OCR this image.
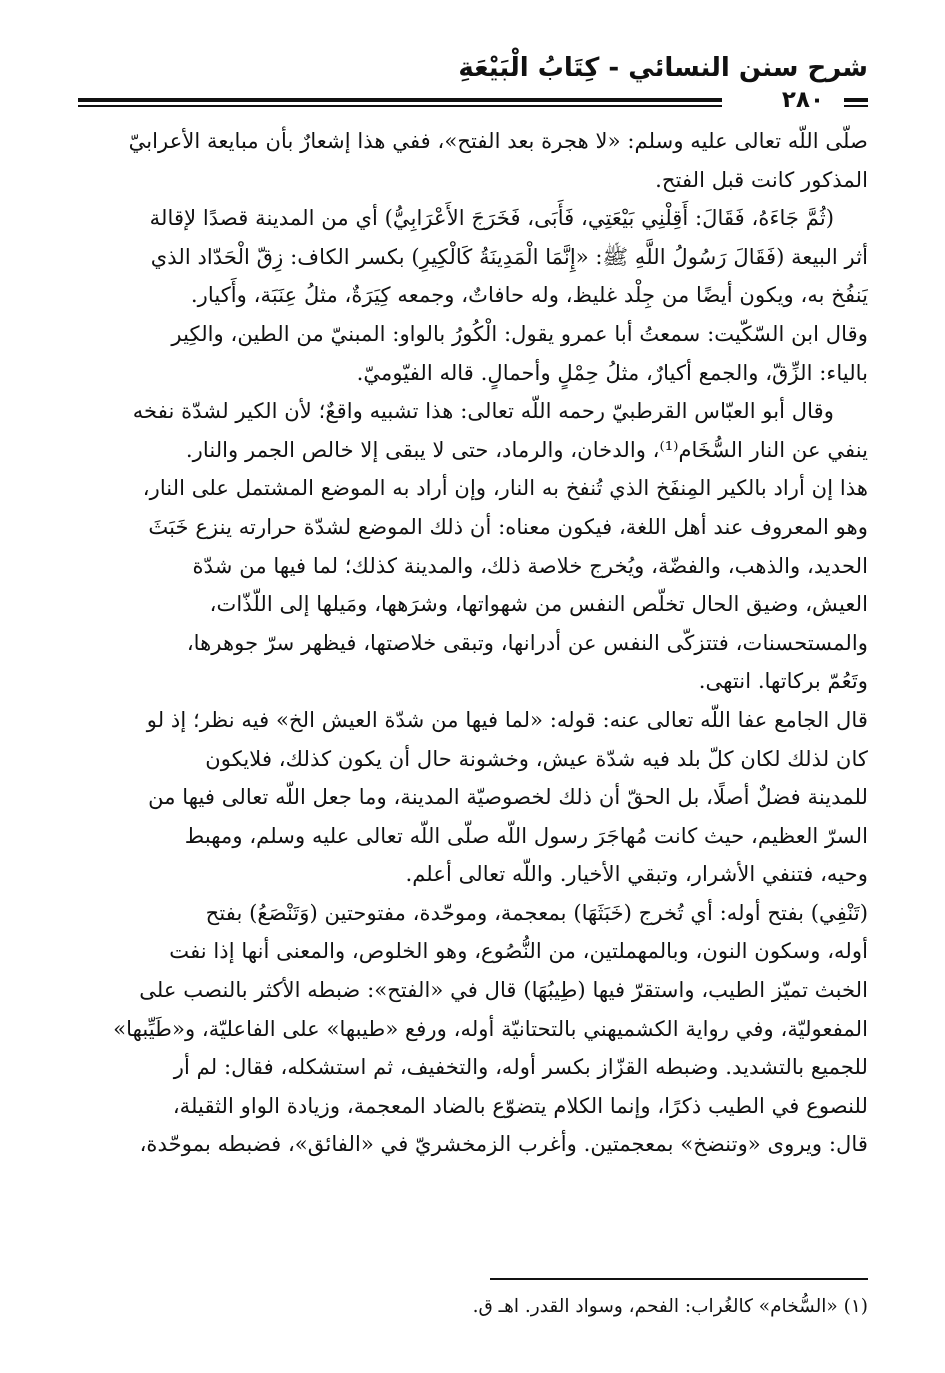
شرح سنن النسائي - كِتَابُ الْبَيْعَةِ
٢٨٠
صلّى اللّه تعالى عليه وسلم: «لا هجرة بعد الفتح»، ففي هذا إشعارٌ بأن مبايعة الأعرابيّ
المذكور كانت قبل الفتح.
(ثُمَّ جَاءَهُ، فَقَالَ: أَقِلْنِي بَيْعَتِي، فَأَبَى، فَخَرَجَ الأَعْرَابِيُّ) أي من المدينة قصدًا لإقالة
أثر البيعة (فَقَالَ رَسُولُ اللَّهِ ﷺ: «إِنَّمَا الْمَدِينَةُ كَالْكِيرِ) بكسر الكاف: زِقّ الْحَدّاد الذي
يَنفُخ به، ويكون أيضًا من جِلْد غليظ، وله حافاتٌ، وجمعه كِيَرَةٌ، مثلُ عِنَبَة، وأَكيار.
وقال ابن السّكّيت: سمعتُ أبا عمرو يقول: الْكُورُ بالواو: المبنيّ من الطين، والكِير
بالياء: الزِّقّ، والجمع أكيارٌ، مثلُ حِمْلٍ وأحمالٍ. قاله الفيّوميّ.
وقال أبو العبّاس القرطبيّ رحمه اللّه تعالى: هذا تشبيه واقعٌ؛ لأن الكير لشدّة نفخه
ينفي عن النار السُّخَام⁽¹⁾، والدخان، والرماد، حتى لا يبقى إلا خالص الجمر والنار.
هذا إن أراد بالكير المِنفَخ الذي تُنفخ به النار، وإن أراد به الموضع المشتمل على النار،
وهو المعروف عند أهل اللغة، فيكون معناه: أن ذلك الموضع لشدّة حرارته ينزع خَبَثَ
الحديد، والذهب، والفضّة، ويُخرج خلاصة ذلك، والمدينة كذلك؛ لما فيها من شدّة
العيش، وضيق الحال تخلّص النفس من شهواتها، وشرَهها، ومَيلها إلى اللّذّات،
والمستحسنات، فتتزكّى النفس عن أدرانها، وتبقى خلاصتها، فيظهر سرّ جوهرها،
وتَعُمّ بركاتها. انتهى.
قال الجامع عفا اللّه تعالى عنه: قوله: «لما فيها من شدّة العيش الخ» فيه نظر؛ إذ لو
كان لذلك لكان كلّ بلد فيه شدّة عيش، وخشونة حال أن يكون كذلك، فلايكون
للمدينة فضلٌ أصلًا، بل الحقّ أن ذلك لخصوصيّة المدينة، وما جعل اللّه تعالى فيها من
السرّ العظيم، حيث كانت مُهاجَرَ رسول اللّه صلّى اللّه تعالى عليه وسلم، ومهبط
وحيه، فتنفي الأشرار، وتبقي الأخيار. واللّه تعالى أعلم.
(تَنْفِي) بفتح أوله: أي تُخرج (خَبَثَهَا) بمعجمة، وموحّدة، مفتوحتين (وَتَنْصَعُ) بفتح
أوله، وسكون النون، وبالمهملتين، من النُّصُوع، وهو الخلوص، والمعنى أنها إذا نفت
الخبث تميّز الطيب، واستقرّ فيها (طِيبُهَا) قال في «الفتح»: ضبطه الأكثر بالنصب على
المفعوليّة، وفي رواية الكشميهني بالتحتانيّة أوله، ورفع «طيبها» على الفاعليّة، و«طَيِّبها»
للجميع بالتشديد. وضبطه القزّاز بكسر أوله، والتخفيف، ثم استشكله، فقال: لم أر
للنصوع في الطيب ذكرًا، وإنما الكلام يتضوّع بالضاد المعجمة، وزيادة الواو الثقيلة،
قال: ويروى «وتنضخ» بمعجمتين. وأغرب الزمخشريّ في «الفائق»، فضبطه بموحّدة،
(١) «السُّخام» كالغُراب: الفحم، وسواد القدر. اهـ ق.
